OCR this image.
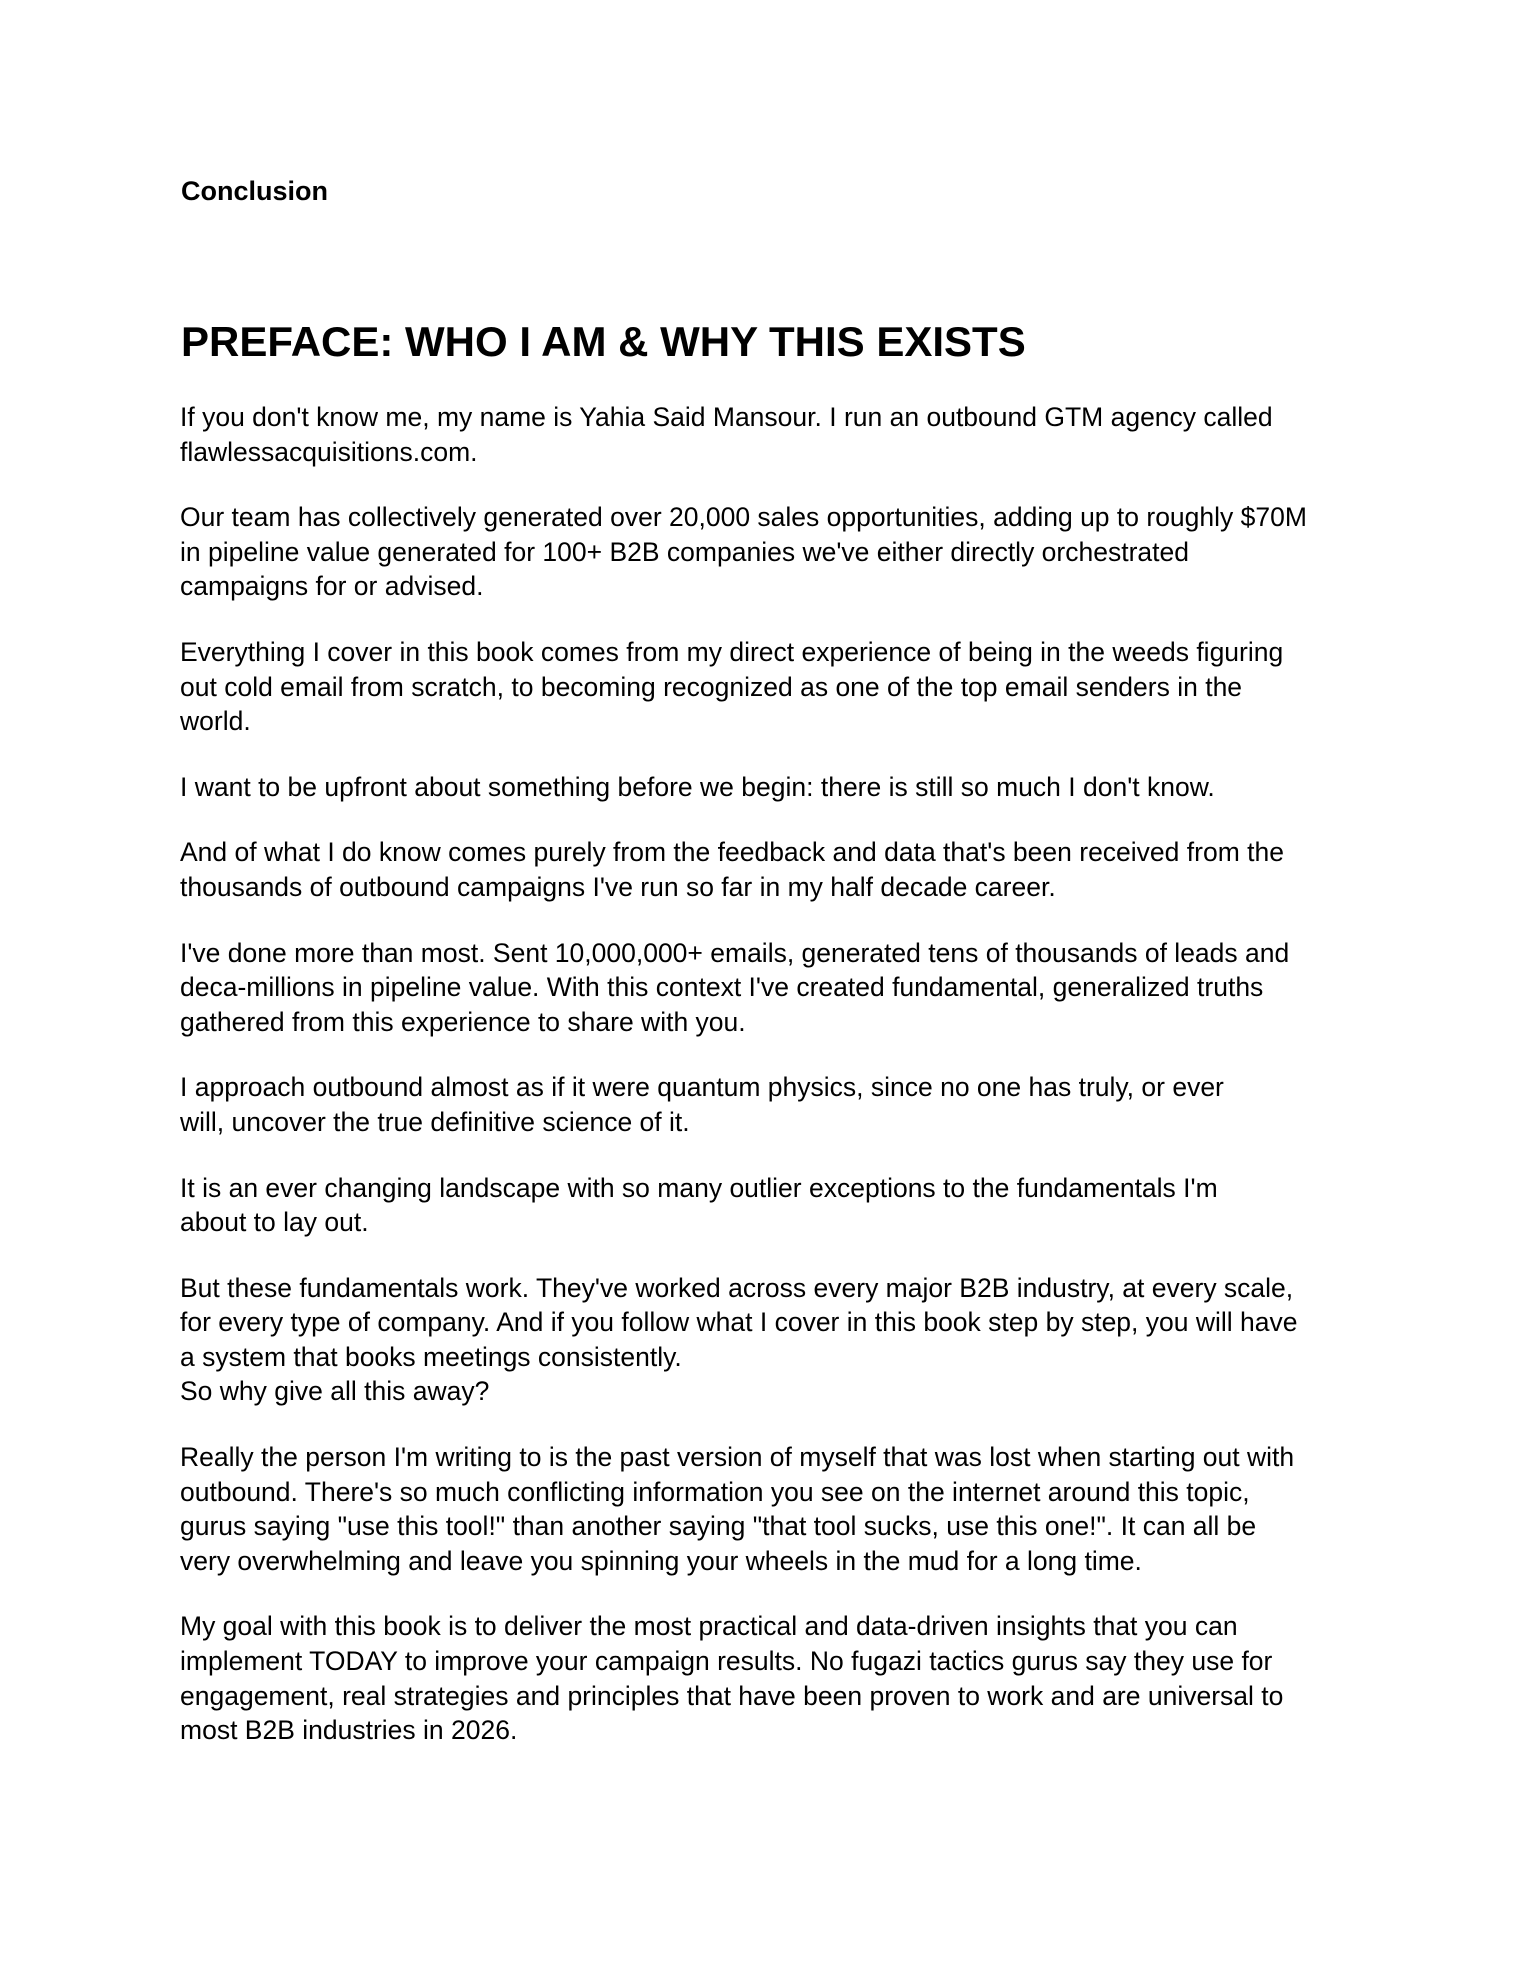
Conclusion
PREFACE: WHO I AM & WHY THIS EXISTS

If you don't know me, my name is Yahia Said Mansour. I run an outbound GTM agency called
flawlessacquisitions.com.

Our team has collectively generated over 20,000 sales opportunities, adding up to roughly $70M
in pipeline value generated for 100+ B2B companies we've either directly orchestrated
campaigns for or advised.

Everything I cover in this book comes from my direct experience of being in the weeds figuring
out cold email from scratch, to becoming recognized as one of the top email senders in the
world.

I want to be upfront about something before we begin: there is still so much I don't know.

And of what I do know comes purely from the feedback and data that's been received from the
thousands of outbound campaigns I've run so far in my half decade career.

I've done more than most. Sent 10,000,000+ emails, generated tens of thousands of leads and
deca-millions in pipeline value. With this context I've created fundamental, generalized truths
gathered from this experience to share with you.

I approach outbound almost as if it were quantum physics, since no one has truly, or ever
will, uncover the true definitive science of it.

It is an ever changing landscape with so many outlier exceptions to the fundamentals I'm
about to lay out.

But these fundamentals work. They've worked across every major B2B industry, at every scale,
for every type of company. And if you follow what I cover in this book step by step, you will have
a system that books meetings consistently.

So why give all this away?

Really the person I'm writing to is the past version of myself that was lost when starting out with
outbound. There's so much conflicting information you see on the internet around this topic,
gurus saying "use this tool!" than another saying "that tool sucks, use this one!". It can all be
very overwhelming and leave you spinning your wheels in the mud for a long time.

My goal with this book is to deliver the most practical and data-driven insights that you can
implement TODAY to improve your campaign results. No fugazi tactics gurus say they use for
engagement, real strategies and principles that have been proven to work and are universal to
most B2B industries in 2026.
